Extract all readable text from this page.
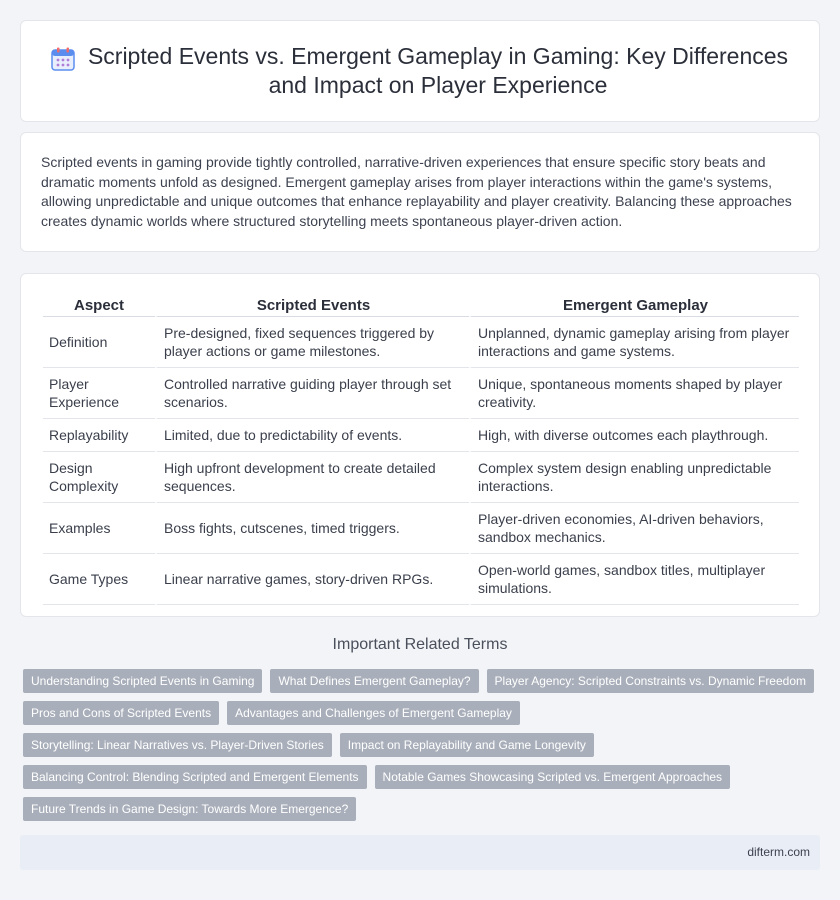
Scripted Events vs. Emergent Gameplay in Gaming: Key Differences and Impact on Player Experience

Scripted events in gaming provide tightly controlled, narrative-driven experiences that ensure specific story beats and dramatic moments unfold as designed. Emergent gameplay arises from player interactions within the game's systems, allowing unpredictable and unique outcomes that enhance replayability and player creativity. Balancing these approaches creates dynamic worlds where structured storytelling meets spontaneous player-driven action.

Aspect	Scripted Events	Emergent Gameplay
Definition	Pre-designed, fixed sequences triggered by player actions or game milestones.	Unplanned, dynamic gameplay arising from player interactions and game systems.
Player Experience	Controlled narrative guiding player through set scenarios.	Unique, spontaneous moments shaped by player creativity.
Replayability	Limited, due to predictability of events.	High, with diverse outcomes each playthrough.
Design Complexity	High upfront development to create detailed sequences.	Complex system design enabling unpredictable interactions.
Examples	Boss fights, cutscenes, timed triggers.	Player-driven economies, AI-driven behaviors, sandbox mechanics.
Game Types	Linear narrative games, story-driven RPGs.	Open-world games, sandbox titles, multiplayer simulations.
Important Related Terms
Understanding Scripted Events in Gaming	What Defines Emergent Gameplay?	Player Agency: Scripted Constraints vs. Dynamic Freedom
Pros and Cons of Scripted Events	Advantages and Challenges of Emergent Gameplay
Storytelling: Linear Narratives vs. Player-Driven Stories	Impact on Replayability and Game Longevity
Balancing Control: Blending Scripted and Emergent Elements	Notable Games Showcasing Scripted vs. Emergent Approaches
Future Trends in Game Design: Towards More Emergence?
difterm.com
